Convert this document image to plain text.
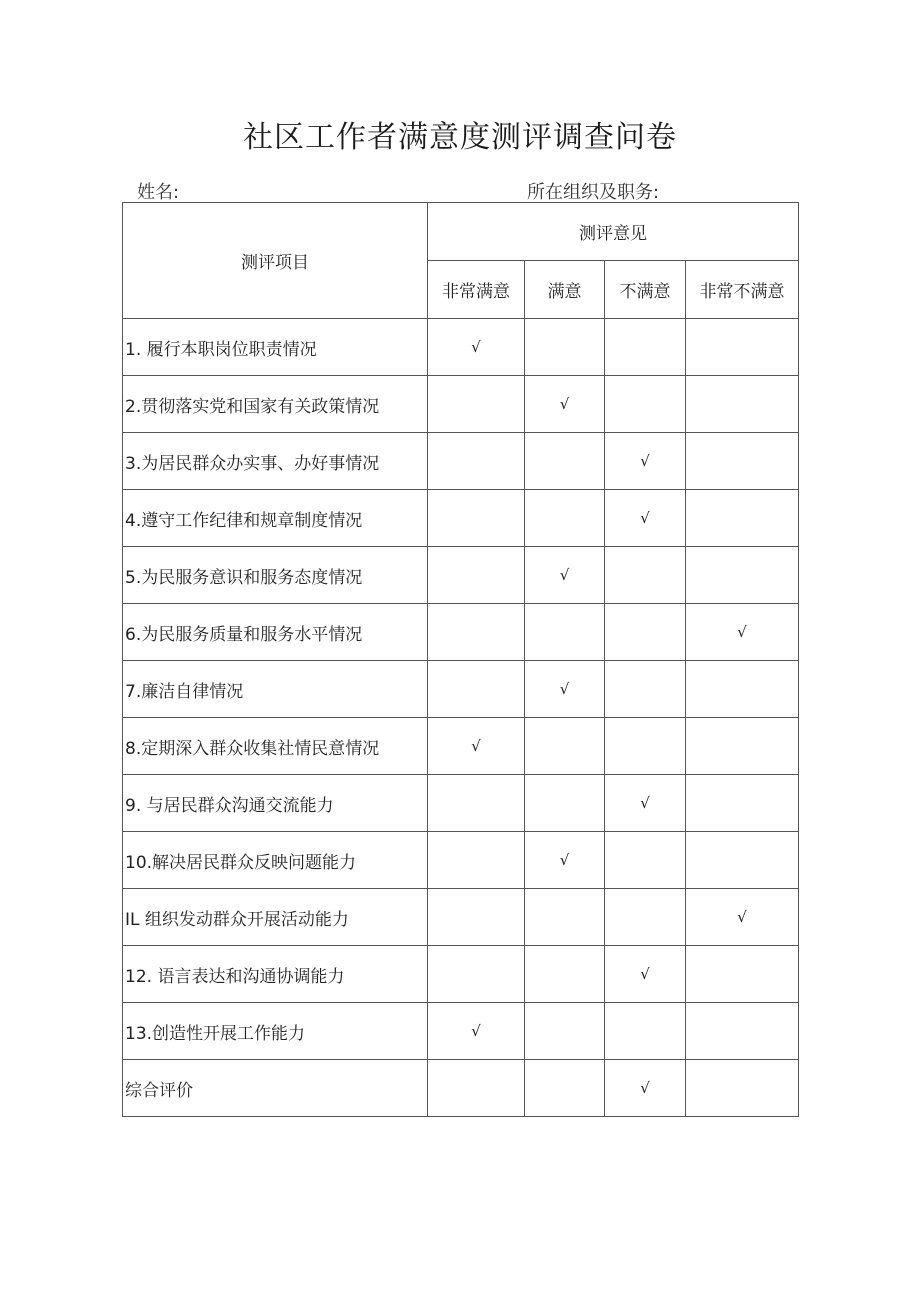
社区工作者满意度测评调查问卷
姓名:	所在组织及职务:
测评项目	测评意见			
	非常满意	满意	不满意	非常不满意
1. 履行本职岗位职责情况	√			
2.贯彻落实党和国家有关政策情况		√		
3.为居民群众办实事、办好事情况			√	
4.遵守工作纪律和规章制度情况			√	
5.为民服务意识和服务态度情况		√		
6.为民服务质量和服务水平情况				√
7.廉洁自律情况		√		
8.定期深入群众收集社情民意情况	√			
9. 与居民群众沟通交流能力			√	
10.解决居民群众反映问题能力		√		
IL 组织发动群众开展活动能力				√
12. 语言表达和沟通协调能力			√	
13.创造性开展工作能力	√			
综合评价			√	
